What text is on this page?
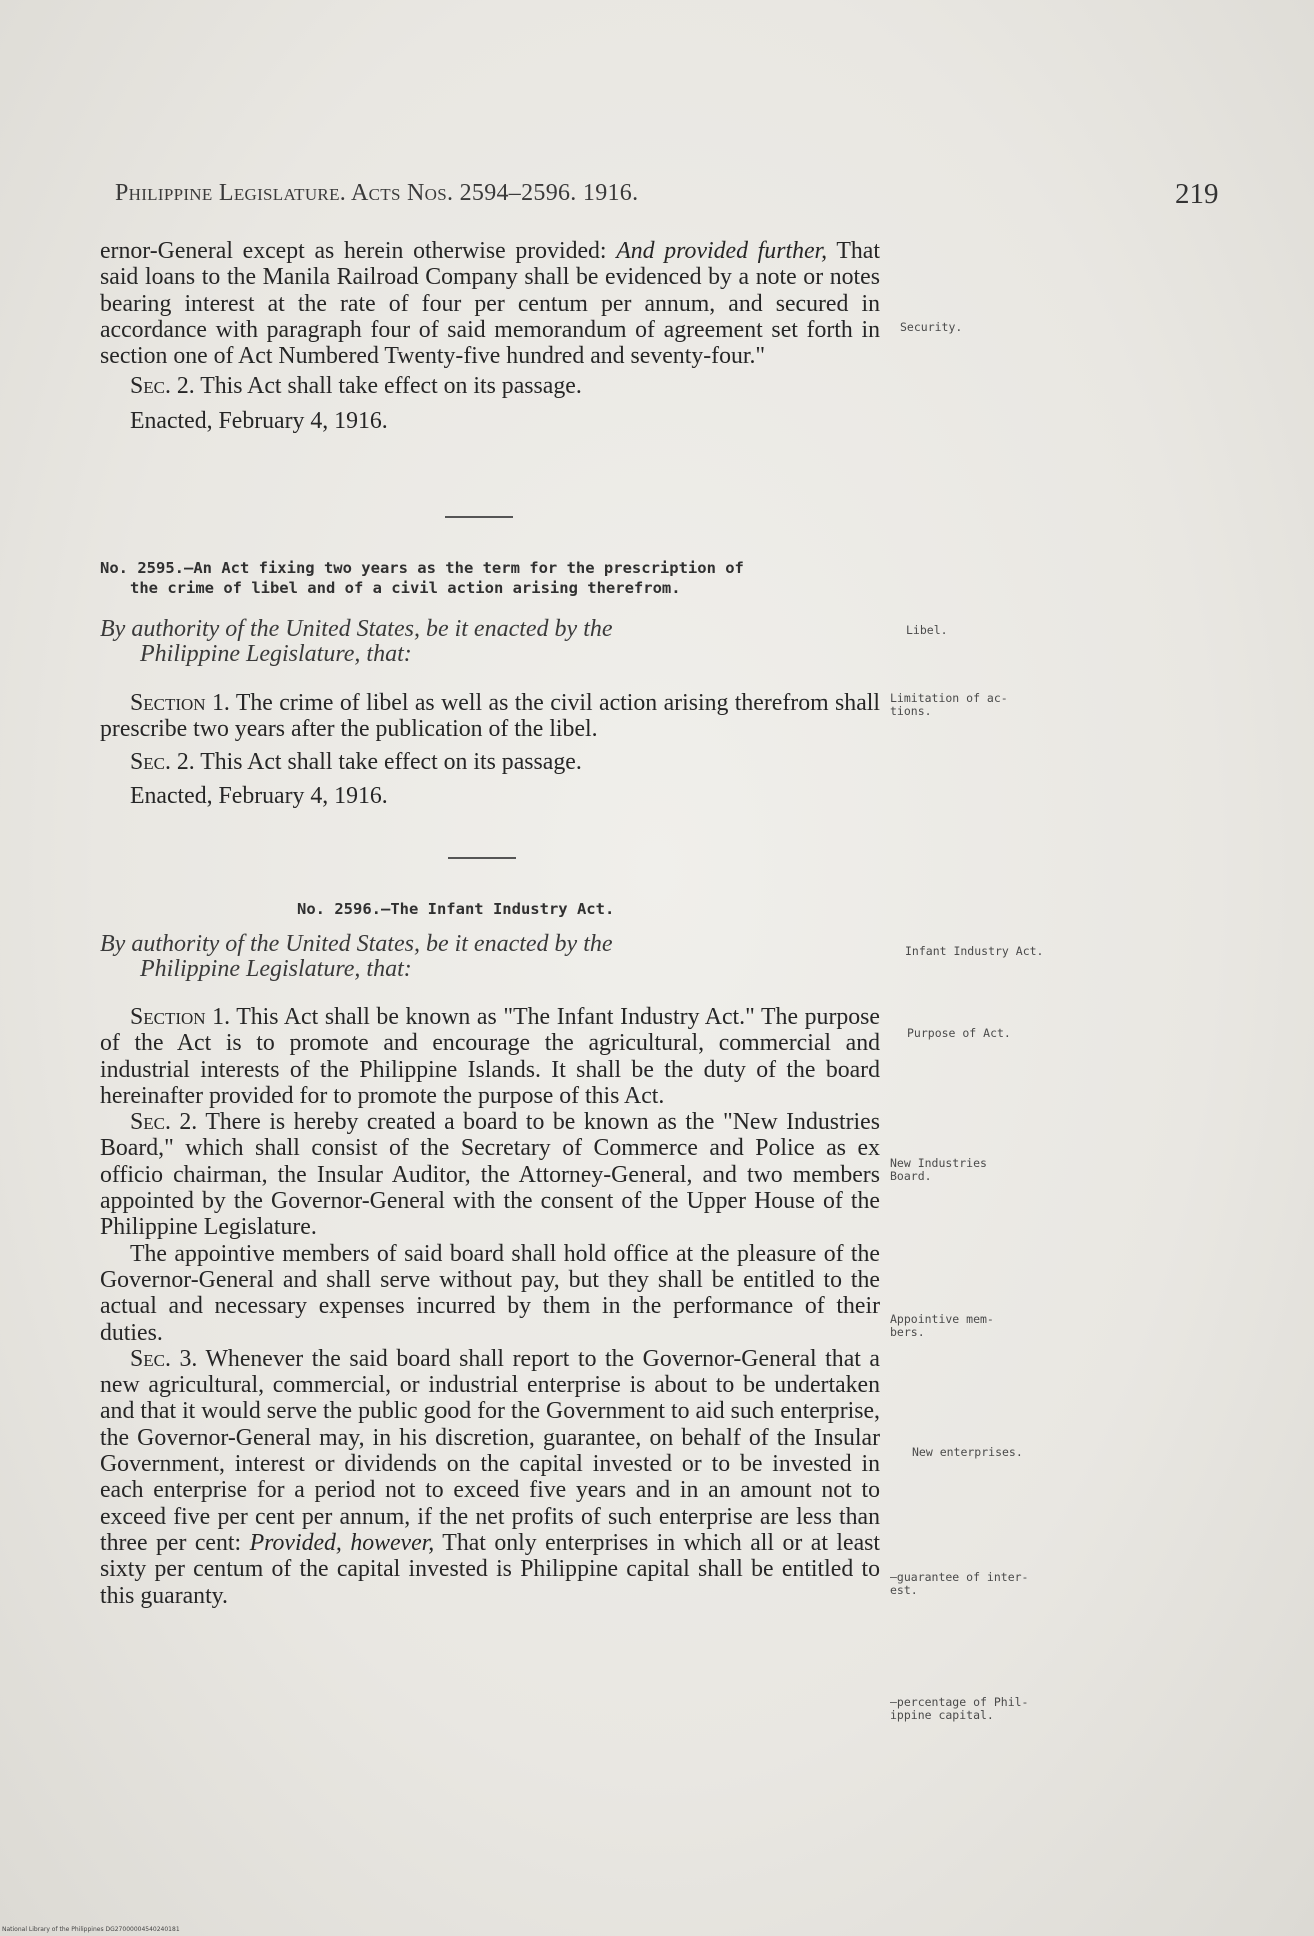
Philippine Legislature. Acts Nos. 2594–2596. 1916.	219

ernor-General except as herein otherwise provided: And provided further, That said loans to the Manila Railroad Company shall be evidenced by a note or notes bearing interest at the rate of four per centum per annum, and secured in accordance with paragraph four of said memorandum of agreement set forth in section one of Act Numbered Twenty-five hundred and seventy-four."

Sec. 2. This Act shall take effect on its passage.

Enacted, February 4, 1916.

No. 2595.—An Act fixing two years as the term for the prescription of
the crime of libel and of a civil action arising therefrom.
By authority of the United States, be it enacted by the
Philippine Legislature, that:

Section 1. The crime of libel as well as the civil action arising therefrom shall prescribe two years after the publication of the libel.

Sec. 2. This Act shall take effect on its passage.

Enacted, February 4, 1916.

No. 2596.—The Infant Industry Act.
By authority of the United States, be it enacted by the
Philippine Legislature, that:

Section 1. This Act shall be known as "The Infant Industry Act." The purpose of the Act is to promote and encourage the agricultural, commercial and industrial interests of the Philippine Islands. It shall be the duty of the board hereinafter provided for to promote the purpose of this Act.

Sec. 2. There is hereby created a board to be known as the "New Industries Board," which shall consist of the Secretary of Commerce and Police as ex officio chairman, the Insular Auditor, the Attorney-General, and two members appointed by the Governor-General with the consent of the Upper House of the Philippine Legislature.

The appointive members of said board shall hold office at the pleasure of the Governor-General and shall serve without pay, but they shall be entitled to the actual and necessary expenses incurred by them in the performance of their duties.

Sec. 3. Whenever the said board shall report to the Governor-General that a new agricultural, commercial, or industrial enterprise is about to be undertaken and that it would serve the public good for the Government to aid such enterprise, the Governor-General may, in his discretion, guarantee, on behalf of the Insular Government, interest or dividends on the capital invested or to be invested in each enterprise for a period not to exceed five years and in an amount not to exceed five per cent per annum, if the net profits of such enterprise are less than three per cent: Provided, however, That only enterprises in which all or at least sixty per centum of the capital invested is Philippine capital shall be entitled to this guaranty.

Security.
Libel.
Limitation of ac-
tions.
Infant Industry Act.
Purpose of Act.
New Industries
Board.
Appointive mem-
bers.
New enterprises.
—guarantee of inter-
est.
—percentage of Phil-
ippine capital.
National Library of the Philippines DG27000004540240181
